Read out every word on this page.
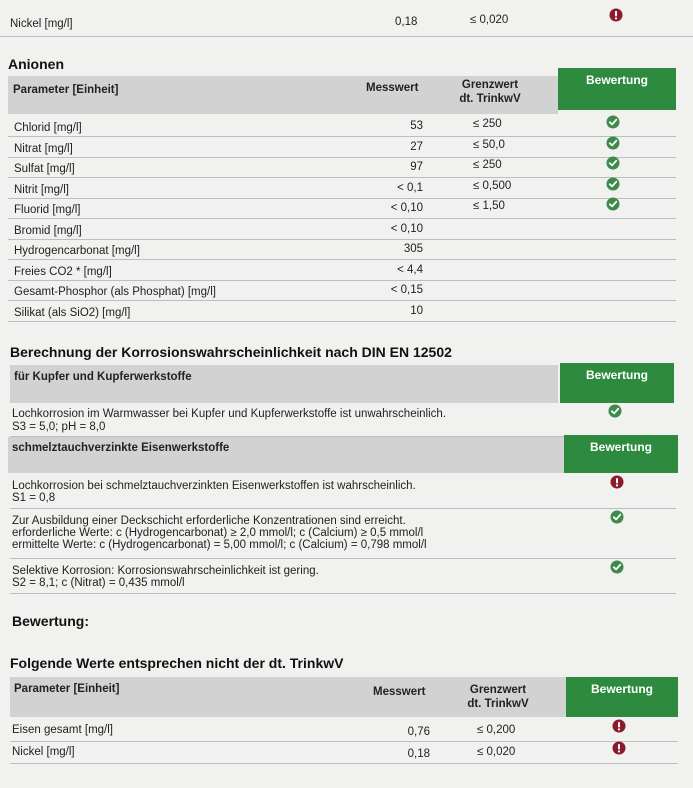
Nickel [mg/l]	0,18	≤ 0,020
Anionen
Parameter [Einheit]	Messwert	Grenzwert
dt. TrinkwV
Bewertung
Chlorid [mg/l]	53	≤ 250
Nitrat [mg/l]	27	≤ 50,0
Sulfat [mg/l]	97	≤ 250
Nitrit [mg/l]	< 0,1	≤ 0,500
Fluorid [mg/l]	< 0,10	≤ 1,50
Bromid [mg/l]	< 0,10
Hydrogencarbonat [mg/l]	305
Freies CO2 * [mg/l]	< 4,4
Gesamt-Phosphor (als Phosphat) [mg/l]	< 0,15
Silikat (als SiO2) [mg/l]	10
Berechnung der Korrosionswahrscheinlichkeit nach DIN EN 12502
für Kupfer und Kupferwerkstoffe	Bewertung
Lochkorrosion im Warmwasser bei Kupfer und Kupferwerkstoffe ist unwahrscheinlich.
S3 = 5,0; pH = 8,0
schmelztauchverzinkte Eisenwerkstoffe	Bewertung
Lochkorrosion bei schmelztauchverzinkten Eisenwerkstoffen ist wahrscheinlich.
S1 = 0,8
Zur Ausbildung einer Deckschicht erforderliche Konzentrationen sind erreicht.
erforderliche Werte: c (Hydrogencarbonat) ≥ 2,0 mmol/l; c (Calcium) ≥ 0,5 mmol/l
ermittelte Werte: c (Hydrogencarbonat) = 5,00 mmol/l; c (Calcium) = 0,798 mmol/l
Selektive Korrosion: Korrosionswahrscheinlichkeit ist gering.
S2 = 8,1; c (Nitrat) = 0,435 mmol/l
Bewertung:
Folgende Werte entsprechen nicht der dt. TrinkwV
Parameter [Einheit]	Messwert	Grenzwert
dt. TrinkwV
Bewertung
Eisen gesamt [mg/l]	0,76	≤ 0,200
Nickel [mg/l]	0,18	≤ 0,020
